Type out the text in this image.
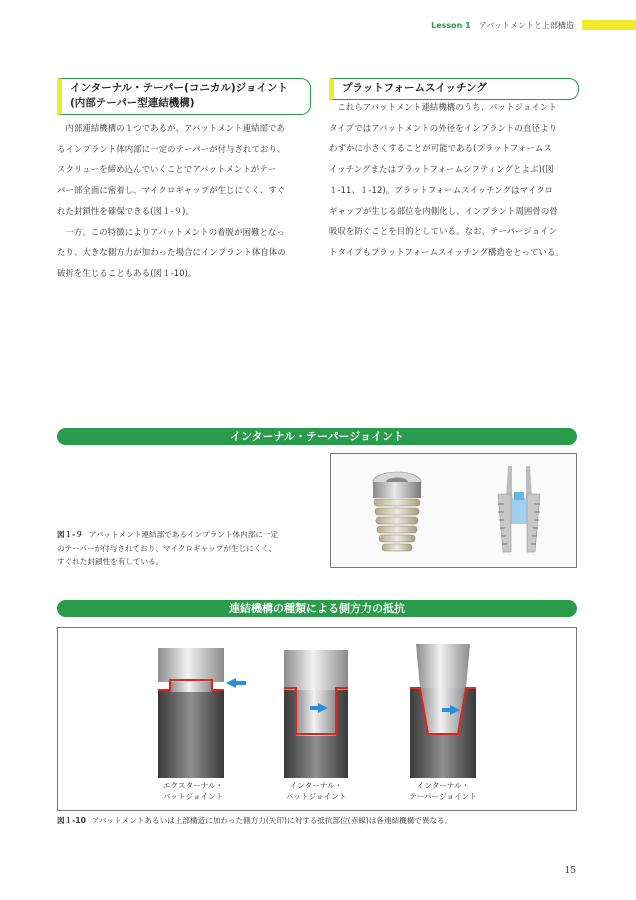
Lesson 1 アバットメントと上部構造
インターナル・テーパー(コニカル)ジョイント
(内部テーパー型連結機構)

内部連結機構の１つであるが、アバットメント連結部であ

るインプラント体内部に一定のテーパーが付与されており、

スクリューを締め込んでいくことでアバットメントがテー

パー部全面に密着し、マイクロギャップが生じにくく、すぐ

れた封鎖性を確保できる(図１-９)。

一方、この特徴によりアバットメントの着脱が困難となっ

たり、大きな側方力が加わった場合にインプラント体自体の

破折を生じることもある(図１-10)。

プラットフォームスイッチング

これらアバットメント連結機構のうち、バットジョイント

タイプではアバットメントの外径をインプラントの直径より

わずかに小さくすることが可能である(プラットフォームス

イッチングまたはプラットフォームシフティングとよぶ)(図

１-11、１-12)。プラットフォームスイッチングはマイクロ

ギャップが生じる部位を内側化し、インプラント周囲骨の骨

吸収を防ぐことを目的としている。なお、テーパージョイン

トタイプもプラットフォームスイッチング構造をとっている。

インターナル・テーパージョイント
図１-９ アバットメント連結部であるインプラント体内部に一定
のテーパーが付与されており、マイクロギャップが生じにくく、
すぐれた封鎖性を有している。
連結機構の種類による側方力の抵抗
エクスターナル・
バットジョイント
インターナル・
バットジョイント
インターナル・
テーパージョイント
図１-10 アバットメントあるいは上部構造に加わった側方力(矢印)に対する抵抗部位(赤線)は各連結機構で異なる。
15
